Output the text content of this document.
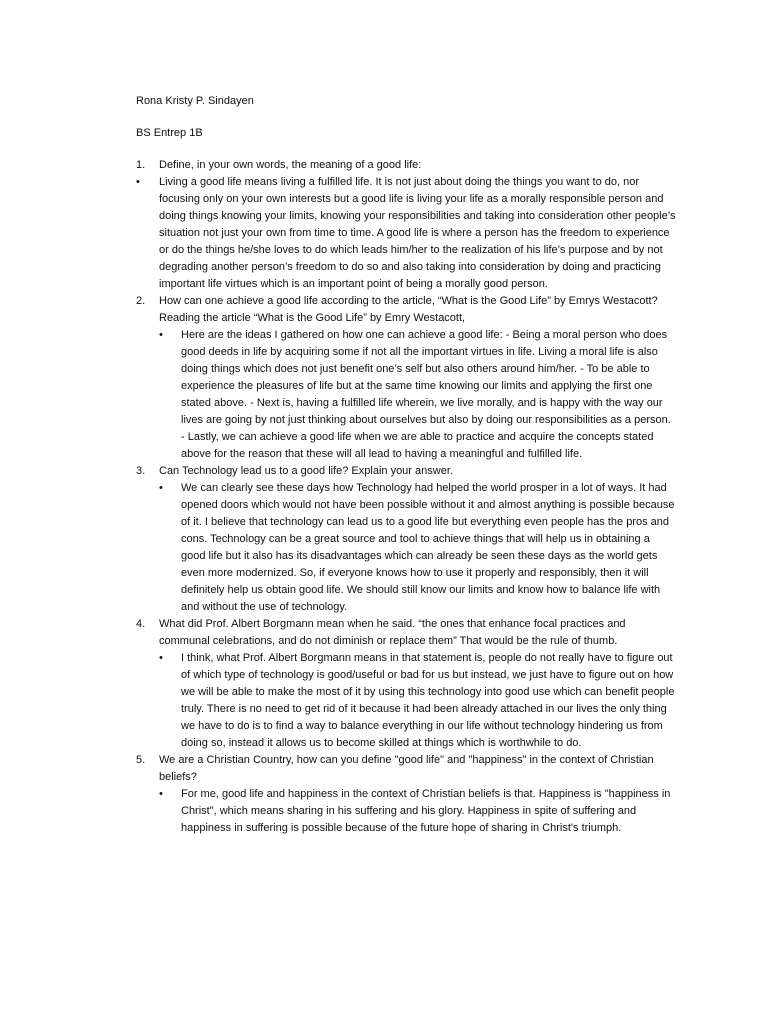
Rona Kristy P. Sindayen

BS Entrep 1B

1. Define, in your own words, the meaning of a good life:
• Living a good life means living a fulfilled life. It is not just about doing the things you want to do, nor focusing only on your own interests but a good life is living your life as a morally responsible person and doing things knowing your limits, knowing your responsibilities and taking into consideration other people’s situation not just your own from time to time. A good life is where a person has the freedom to experience or do the things he/she loves to do which leads him/her to the realization of his life’s purpose and by not degrading another person’s freedom to do so and also taking into consideration by doing and practicing important life virtues which is an important point of being a morally good person.
2. How can one achieve a good life according to the article, “What is the Good Life” by Emrys Westacott? Reading the article “What is the Good Life” by Emry Westacott,
• Here are the ideas I gathered on how one can achieve a good life: - Being a moral person who does good deeds in life by acquiring some if not all the important virtues in life. Living a moral life is also doing things which does not just benefit one’s self but also others around him/her. - To be able to experience the pleasures of life but at the same time knowing our limits and applying the first one stated above. - Next is, having a fulfilled life wherein, we live morally, and is happy with the way our lives are going by not just thinking about ourselves but also by doing our responsibilities as a person. - Lastly, we can achieve a good life when we are able to practice and acquire the concepts stated above for the reason that these will all lead to having a meaningful and fulfilled life.
3. Can Technology lead us to a good life? Explain your answer.
• We can clearly see these days how Technology had helped the world prosper in a lot of ways. It had opened doors which would not have been possible without it and almost anything is possible because of it. I believe that technology can lead us to a good life but everything even people has the pros and cons. Technology can be a great source and tool to achieve things that will help us in obtaining a good life but it also has its disadvantages which can already be seen these days as the world gets even more modernized. So, if everyone knows how to use it properly and responsibly, then it will definitely help us obtain good life. We should still know our limits and know how to balance life with and without the use of technology.
4. What did Prof. Albert Borgmann mean when he said. “the ones that enhance focal practices and communal celebrations, and do not diminish or replace them” That would be the rule of thumb.
• I think, what Prof. Albert Borgmann means in that statement is, people do not really have to figure out of which type of technology is good/useful or bad for us but instead, we just have to figure out on how we will be able to make the most of it by using this technology into good use which can benefit people truly. There is no need to get rid of it because it had been already attached in our lives the only thing we have to do is to find a way to balance everything in our life without technology hindering us from doing so, instead it allows us to become skilled at things which is worthwhile to do.
5. We are a Christian Country, how can you define "good life" and "happiness" in the context of Christian beliefs?
• For me, good life and happiness in the context of Christian beliefs is that. Happiness is "happiness in Christ", which means sharing in his suffering and his glory. Happiness in spite of suffering and happiness in suffering is possible because of the future hope of sharing in Christ's triumph.
